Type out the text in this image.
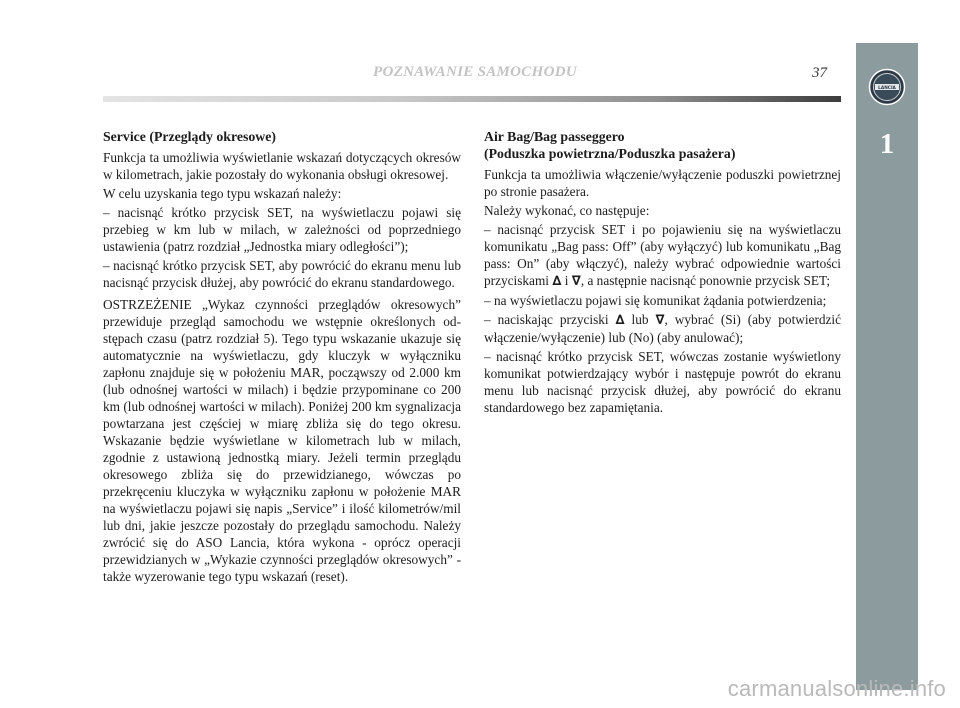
POZNAWANIE SAMOCHODU	37
LANCIA
1
Service (Przeglądy okresowe)

Funkcja ta umożliwia wyświetlanie wskazań dotyczących okresów w kilometrach, jakie pozostały do wykonania obsługi okresowej.

W celu uzyskania tego typu wskazań należy:

– nacisnąć krótko przycisk SET, na wyświetlaczu pojawi się przebieg w km lub w milach, w zależności od poprzedniego ustawienia (patrz rozdział „Jednostka miary odległości”);

– nacisnąć krótko przycisk SET, aby powrócić do ekranu menu lub nacisnąć przycisk dłużej, aby powrócić do ekranu standardowego.

OSTRZEŻENIE „Wykaz czynności przeglądów okresowych” przewiduje przegląd samochodu we wstępnie określonych odstępach czasu (patrz rozdział 5). Tego typu wskazanie ukazuje się automatycznie na wyświetlaczu, gdy kluczyk w wyłączniku zapłonu znajduje się w położeniu MAR, począwszy od 2.000 km (lub odnośnej wartości w milach) i będzie przypominane co 200 km (lub odnośnej wartości w milach). Poniżej 200 km sygnalizacja powtarzana jest częściej w miarę zbliża się do tego okresu. Wskazanie będzie wyświetlane w kilometrach lub w milach, zgodnie z ustawioną jednostką miary. Jeżeli termin przeglądu okresowego zbliża się do przewidzianego, wówczas po przekręceniu kluczyka w wyłączniku zapłonu w położenie MAR na wyświetlaczu pojawi się napis „Service” i ilość kilometrów/mil lub dni, jakie jeszcze pozostały do przeglądu samochodu. Należy zwrócić się do ASO Lancia, która wykona - oprócz operacji przewidzianych w „Wykazie czynności przeglądów okresowych” - także wyzerowanie tego typu wskazań (reset).

Air Bag/Bag passeggero
(Poduszka powietrzna/Poduszka pasażera)

Funkcja ta umożliwia włączenie/wyłączenie poduszki powietrznej po stronie pasażera.

Należy wykonać, co następuje:

– nacisnąć przycisk SET i po pojawieniu się na wyświetlaczu komunikatu „Bag pass: Off” (aby wyłączyć) lub komunikatu „Bag pass: On” (aby włączyć), należy wybrać odpowiednie wartości przyciskami ∆ i ∇, a następnie nacisnąć ponownie przycisk SET;

– na wyświetlaczu pojawi się komunikat żądania potwierdzenia;

– naciskając przyciski ∆ lub ∇, wybrać (Si) (aby potwierdzić włączenie/wyłączenie) lub (No) (aby anulować);

– nacisnąć krótko przycisk SET, wówczas zostanie wyświetlony komunikat potwierdzający wybór i następuje powrót do ekranu menu lub nacisnąć przycisk dłużej, aby powrócić do ekranu standardowego bez zapamiętania.

carmanualsonline.info
